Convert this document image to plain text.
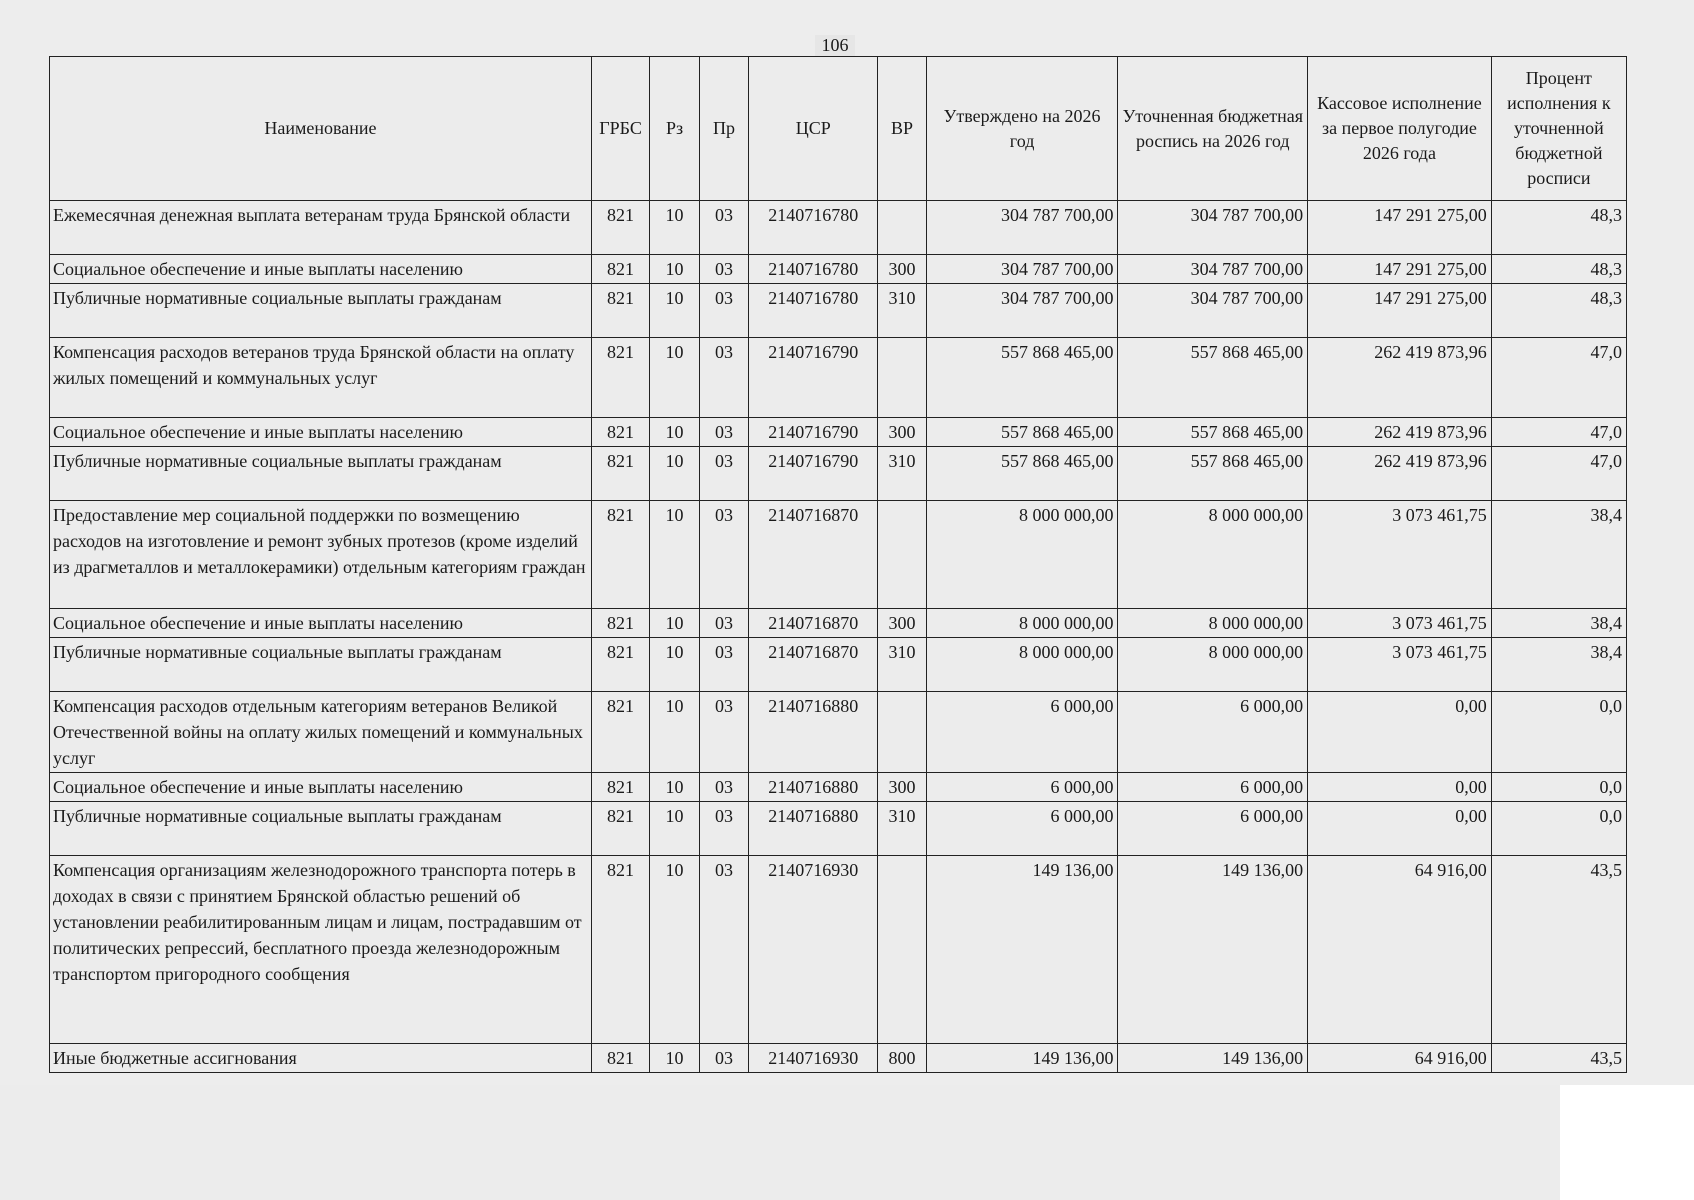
106
Наименование	ГРБС	Рз	Пр	ЦСР	ВР	Утверждено на 2026 год	Уточненная бюджетная роспись на 2026 год	Кассовое исполнение за первое полугодие 2026 года	Процент исполнения к уточненной бюджетной росписи
Ежемесячная денежная выплата ветеранам труда Брянской области	821	10	03	2140716780		304 787 700,00	304 787 700,00	147 291 275,00	48,3
Социальное обеспечение и иные выплаты населению	821	10	03	2140716780	300	304 787 700,00	304 787 700,00	147 291 275,00	48,3
Публичные нормативные социальные выплаты гражданам	821	10	03	2140716780	310	304 787 700,00	304 787 700,00	147 291 275,00	48,3
Компенсация расходов ветеранов труда Брянской области на оплату жилых помещений и коммунальных услуг	821	10	03	2140716790		557 868 465,00	557 868 465,00	262 419 873,96	47,0
Социальное обеспечение и иные выплаты населению	821	10	03	2140716790	300	557 868 465,00	557 868 465,00	262 419 873,96	47,0
Публичные нормативные социальные выплаты гражданам	821	10	03	2140716790	310	557 868 465,00	557 868 465,00	262 419 873,96	47,0
Предоставление мер социальной поддержки по возмещению расходов на изготовление и ремонт зубных протезов (кроме изделий из драгметаллов и металлокерамики) отдельным категориям граждан	821	10	03	2140716870		8 000 000,00	8 000 000,00	3 073 461,75	38,4
Социальное обеспечение и иные выплаты населению	821	10	03	2140716870	300	8 000 000,00	8 000 000,00	3 073 461,75	38,4
Публичные нормативные социальные выплаты гражданам	821	10	03	2140716870	310	8 000 000,00	8 000 000,00	3 073 461,75	38,4
Компенсация расходов отдельным категориям ветеранов Великой Отечественной войны на оплату жилых помещений и коммунальных услуг	821	10	03	2140716880		6 000,00	6 000,00	0,00	0,0
Социальное обеспечение и иные выплаты населению	821	10	03	2140716880	300	6 000,00	6 000,00	0,00	0,0
Публичные нормативные социальные выплаты гражданам	821	10	03	2140716880	310	6 000,00	6 000,00	0,00	0,0
Компенсация организациям железнодорожного транспорта потерь в доходах в связи с принятием Брянской областью решений об установлении реабилитированным лицам и лицам, пострадавшим от политических репрессий, бесплатного проезда железнодорожным транспортом пригородного сообщения	821	10	03	2140716930		149 136,00	149 136,00	64 916,00	43,5
Иные бюджетные ассигнования	821	10	03	2140716930	800	149 136,00	149 136,00	64 916,00	43,5
